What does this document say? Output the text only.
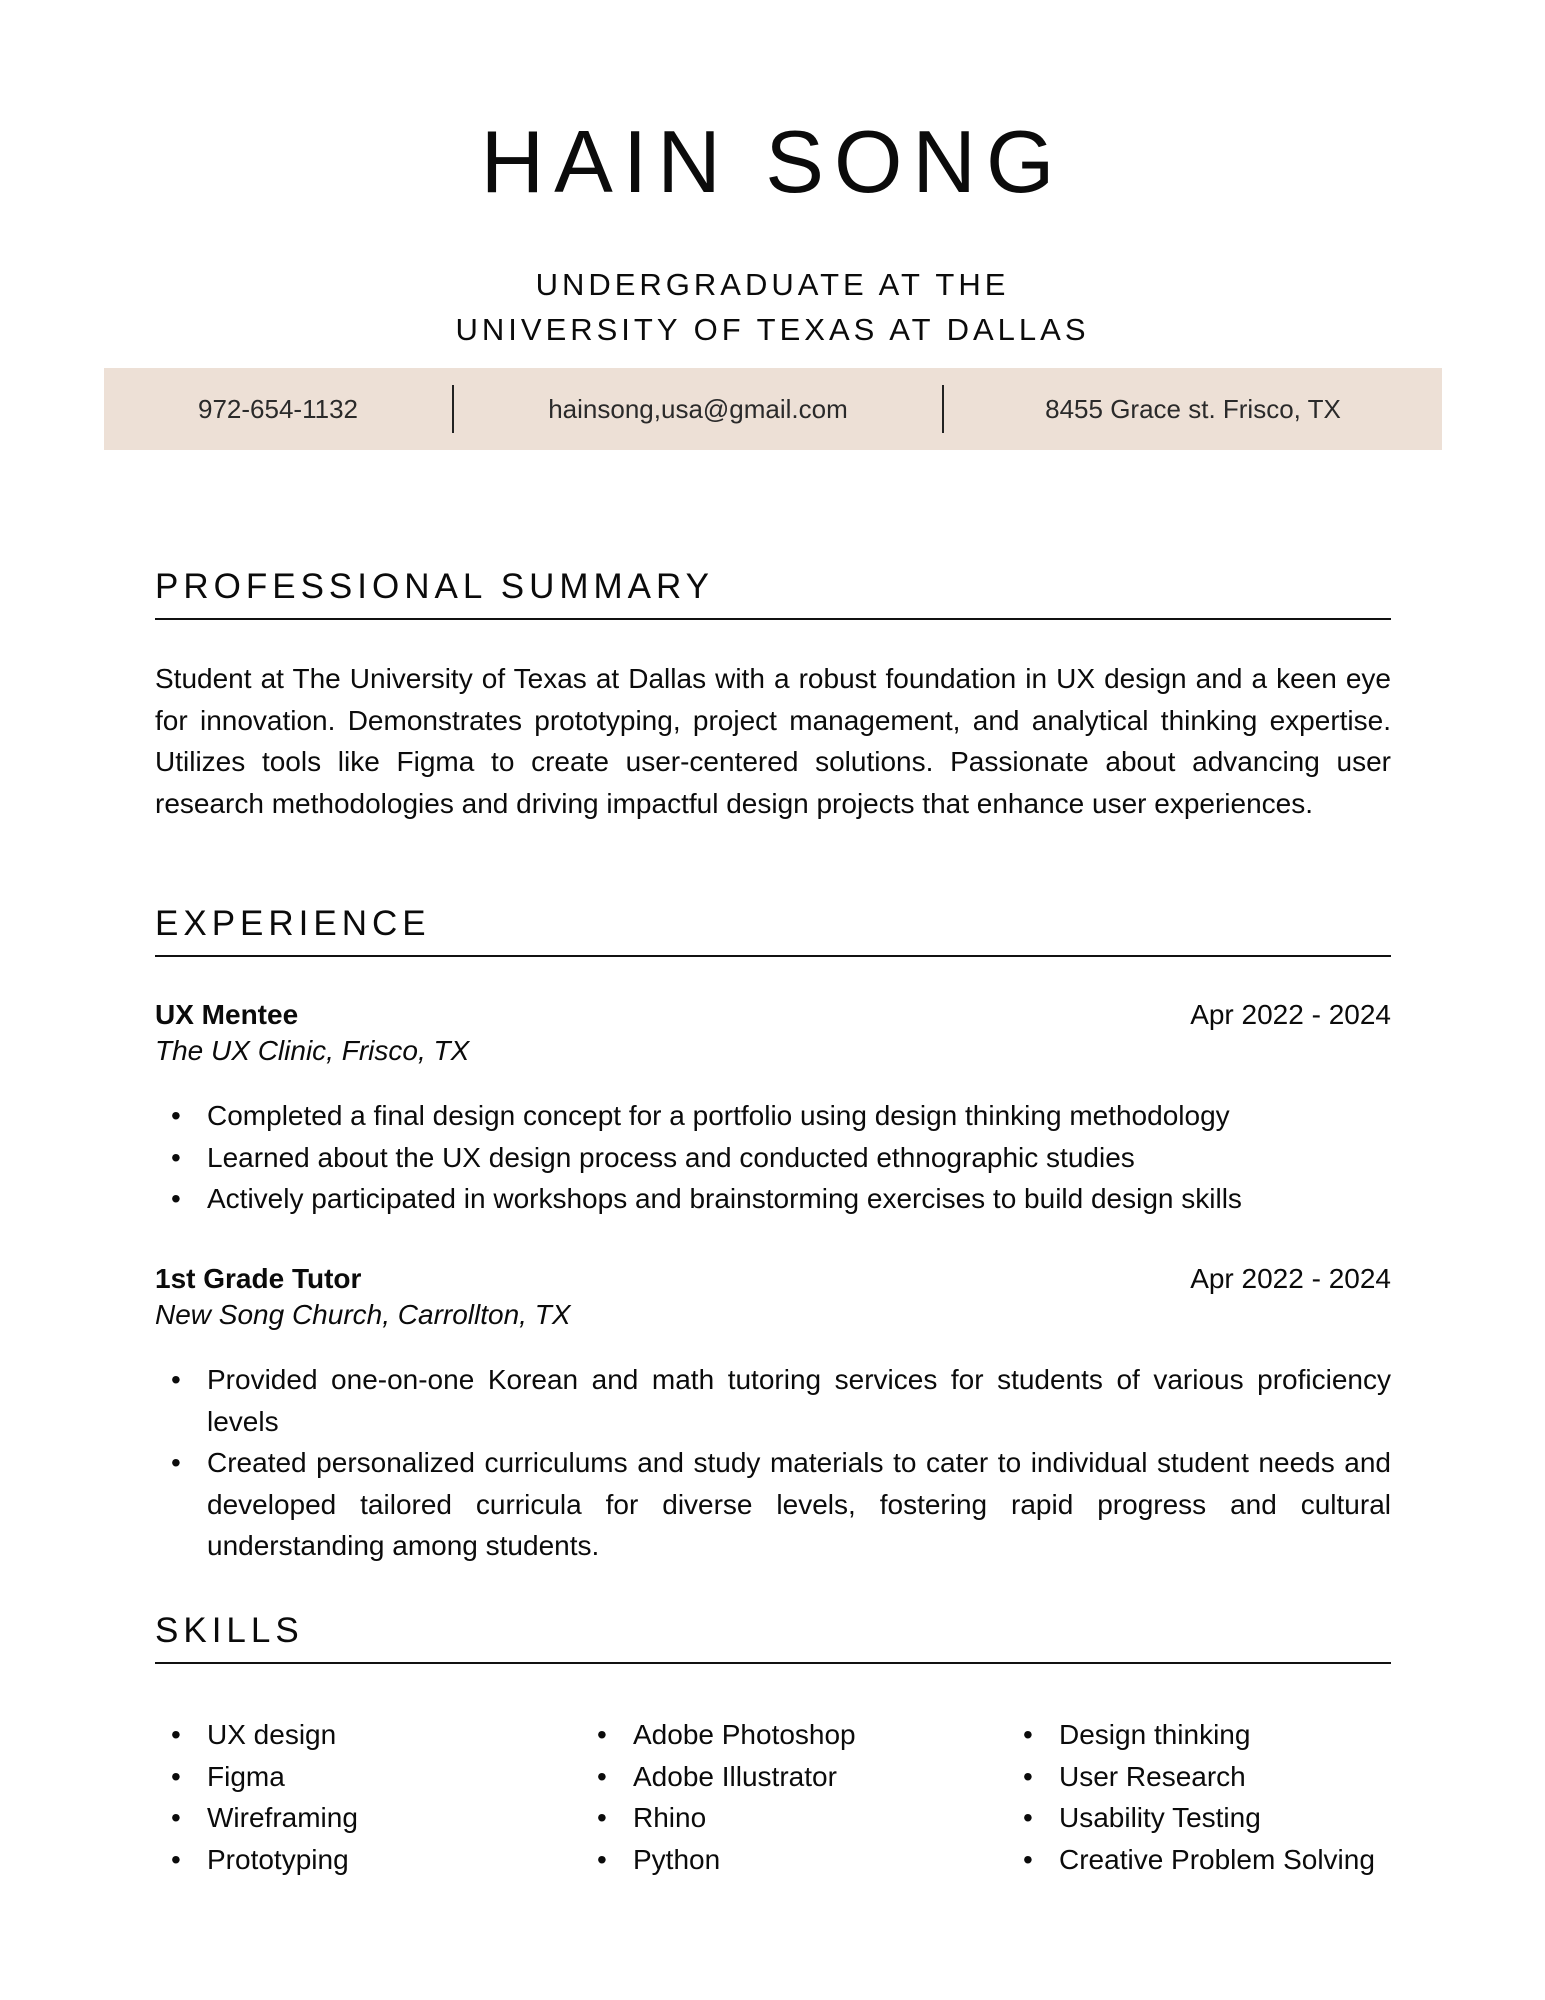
HAIN SONG
UNDERGRADUATE AT THE
UNIVERSITY OF TEXAS AT DALLAS
972-654-1132	hainsong,usa@gmail.com	8455 Grace st. Frisco, TX
PROFESSIONAL SUMMARY
Student at The University of Texas at Dallas with a robust foundation in UX design and a keen eye for innovation. Demonstrates prototyping, project management, and analytical thinking expertise. Utilizes tools like Figma to create user-centered solutions. Passionate about advancing user research methodologies and driving impactful design projects that enhance user experiences.
EXPERIENCE
UX Mentee	Apr 2022 - 2024
The UX Clinic, Frisco, TX
• Completed a final design concept for a portfolio using design thinking methodology
• Learned about the UX design process and conducted ethnographic studies
• Actively participated in workshops and brainstorming exercises to build design skills
1st Grade Tutor	Apr 2022 - 2024
New Song Church, Carrollton, TX
• Provided one-on-one Korean and math tutoring services for students of various proficiency levels
• Created personalized curriculums and study materials to cater to individual student needs and developed tailored curricula for diverse levels, fostering rapid progress and cultural understanding among students.
SKILLS
• UX design
• Figma
• Wireframing
• Prototyping
• Adobe Photoshop
• Adobe Illustrator
• Rhino
• Python
• Design thinking
• User Research
• Usability Testing
• Creative Problem Solving
